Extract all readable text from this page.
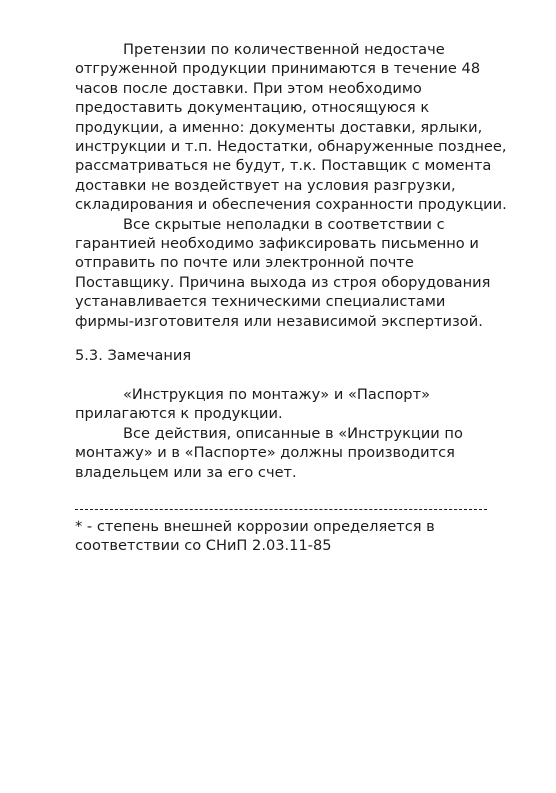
Претензии по количественной недостаче
отгруженной продукции принимаются в течение 48
часов после доставки. При этом необходимо
предоставить документацию, относящуюся к
продукции, а именно: документы доставки, ярлыки,
инструкции и т.п. Недостатки, обнаруженные позднее,
рассматриваться не будут, т.к. Поставщик с момента
доставки не воздействует на условия разгрузки,
складирования и обеспечения сохранности продукции.
Все скрытые неполадки в соответствии с
гарантией необходимо зафиксировать письменно и
отправить по почте или электронной почте
Поставщику. Причина выхода из строя оборудования
устанавливается техническими специалистами
фирмы-изготовителя или независимой экспертизой.
5.3. Замечания
«Инструкция по монтажу» и «Паспорт»
прилагаются к продукции.
Все действия, описанные в «Инструкции по
монтажу» и в «Паспорте» должны производится
владельцем или за его счет.
* - степень внешней коррозии определяется в
соответствии со СНиП 2.03.11-85
